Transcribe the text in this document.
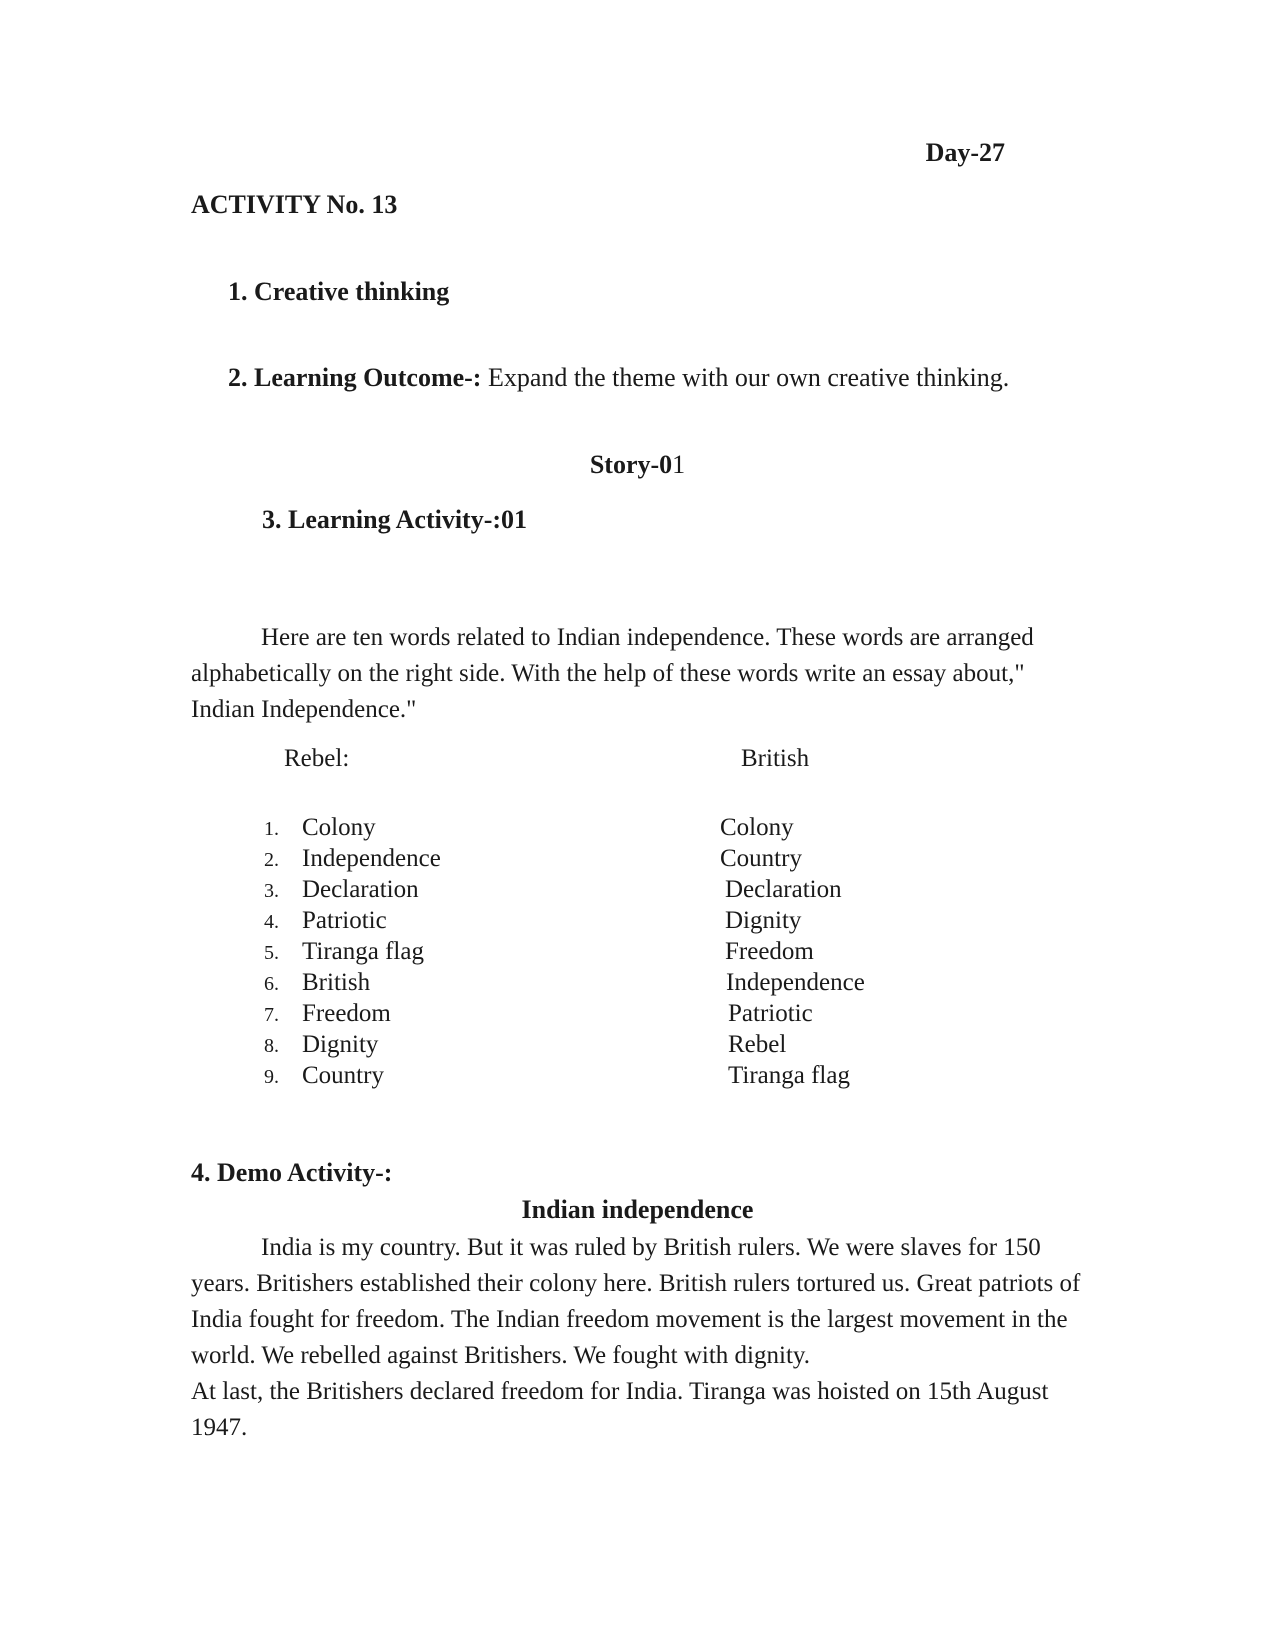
Day-27
ACTIVITY No. 13
1. Creative thinking
2. Learning Outcome-: Expand the theme with our own creative thinking.
Story-01
3. Learning Activity-:01

Here are ten words related to Indian independence. These words are arranged alphabetically on the right side. With the help of these words write an essay about," Indian Independence."

Rebel:	British
1. Colony
2. Independence
3. Declaration
4. Patriotic
5. Tiranga flag
6. British
7. Freedom
8. Dignity
9. Country
Colony
Country
Declaration
Dignity
Freedom
Independence
Patriotic
Rebel
Tiranga flag
4. Demo Activity-:
Indian independence

India is my country. But it was ruled by British rulers. We were slaves for 150 years. Britishers established their colony here. British rulers tortured us. Great patriots of India fought for freedom. The Indian freedom movement is the largest movement in the world. We rebelled against Britishers. We fought with dignity.

At last, the Britishers declared freedom for India. Tiranga was hoisted on 15th August 1947.
